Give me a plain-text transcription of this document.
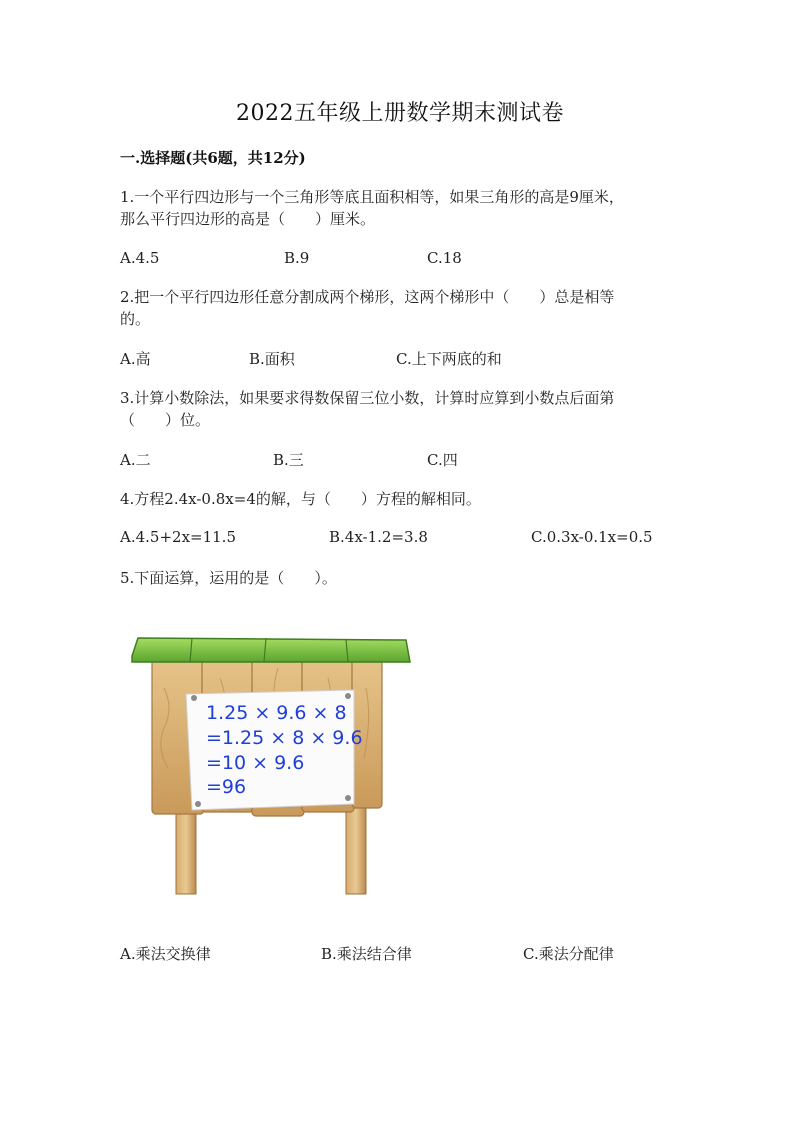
2022五年级上册数学期末测试卷
一.选择题(共6题，共12分)
1.一个平行四边形与一个三角形等底且面积相等，如果三角形的高是9厘米，
那么平行四边形的高是（　　）厘米。
A.4.5	B.9	C.18
2.把一个平行四边形任意分割成两个梯形，这两个梯形中（　　）总是相等
的。
A.高	B.面积	C.上下两底的和
3.计算小数除法，如果要求得数保留三位小数，计算时应算到小数点后面第
（　　）位。
A.二	B.三	C.四
4.方程2.4x-0.8x=4的解，与（　　）方程的解相同。
A.4.5+2x=11.5	B.4x-1.2=3.8	C.0.3x-0.1x=0.5
5.下面运算，运用的是（　　）。
1.25 × 9.6 × 8
=1.25 × 8 × 9.6
=10 × 9.6
=96
A.乘法交换律	B.乘法结合律	C.乘法分配律
